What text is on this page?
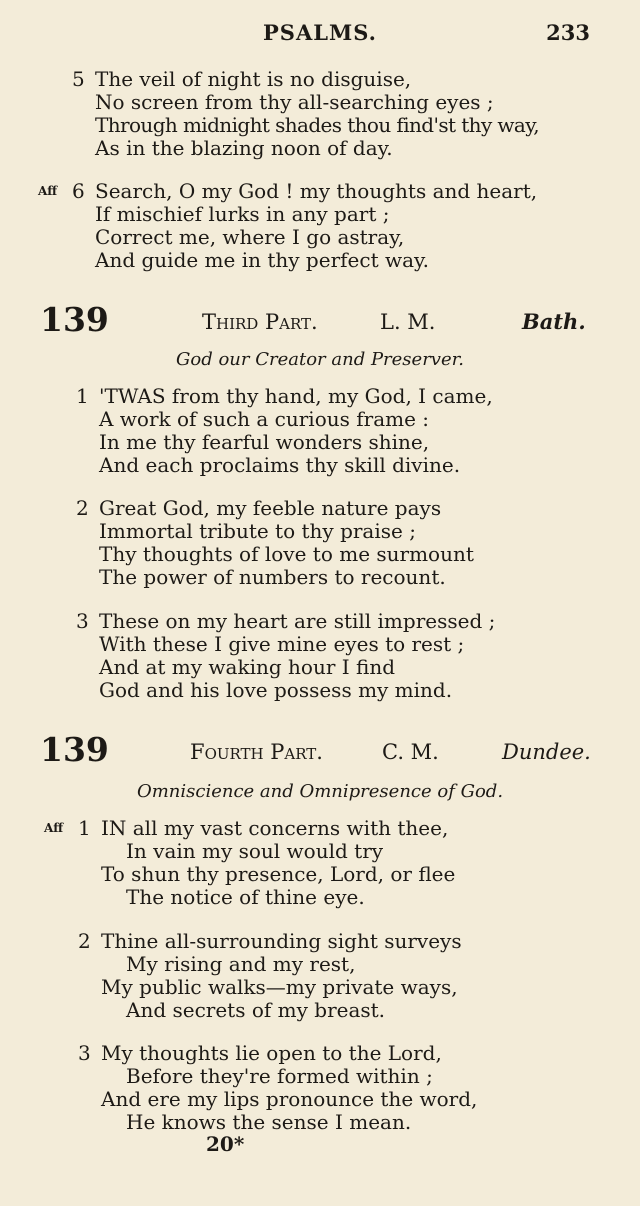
PSALMS.	233
5 The veil of night is no disguise,
No screen from thy all-searching eyes ;
Through midnight shades thou find'st thy way,
As in the blazing noon of day.
Aff 6 Search, O my God ! my thoughts and heart,
If mischief lurks in any part ;
Correct me, where I go astray,
And guide me in thy perfect way.
139	Third Part.	L. M.	Bath.
God our Creator and Preserver.
1 'TWAS from thy hand, my God, I came,
A work of such a curious frame :
In me thy fearful wonders shine,
And each proclaims thy skill divine.
2 Great God, my feeble nature pays
Immortal tribute to thy praise ;
Thy thoughts of love to me surmount
The power of numbers to recount.
3 These on my heart are still impressed ;
With these I give mine eyes to rest ;
And at my waking hour I find
God and his love possess my mind.
139	Fourth Part.	C. M.	Dundee.
Omniscience and Omnipresence of God.
Aff 1 IN all my vast concerns with thee,
In vain my soul would try
To shun thy presence, Lord, or flee
The notice of thine eye.
2 Thine all-surrounding sight surveys
My rising and my rest,
My public walks—my private ways,
And secrets of my breast.
3 My thoughts lie open to the Lord,
Before they're formed within ;
And ere my lips pronounce the word,
He knows the sense I mean.
20*
